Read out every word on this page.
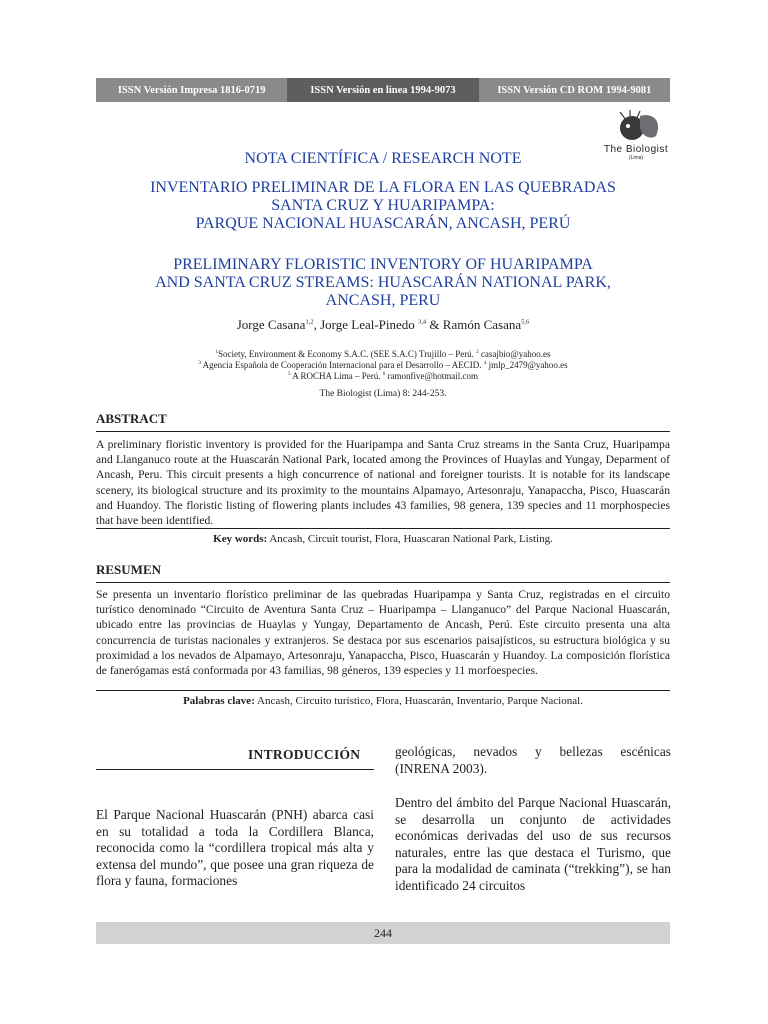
ISSN Versión Impresa 1816-0719	ISSN Versión en linea 1994-9073	ISSN Versión CD ROM 1994-9081
The Biologist
(Lima)
NOTA CIENTÍFICA / RESEARCH NOTE
INVENTARIO PRELIMINAR DE LA FLORA EN LAS QUEBRADAS
SANTA CRUZ Y HUARIPAMPA:
PARQUE NACIONAL HUASCARÁN, ANCASH, PERÚ
PRELIMINARY FLORISTIC INVENTORY OF HUARIPAMPA
AND SANTA CRUZ STREAMS: HUASCARÁN NATIONAL PARK,
ANCASH, PERU
Jorge Casana$^{1,2}$, Jorge Leal-Pinedo $^{3,4}$ & Ramón Casana$^{5,6}$
$^1$Society, Environment & Economy S.A.C. (SEE S.A.C) Trujillo – Perú. $^2$ casajbio@yahoo.es
$^3$ Agencia Española de Cooperación Internacional para el Desarrollo – AECID. $^4$ jmlp_2479@yahoo.es
$^5$ A ROCHA Lima – Perú. $^6$ ramonfive@hotmail.com
The Biologist (Lima) 8: 244-253.
ABSTRACT
A preliminary floristic inventory is provided for the Huaripampa and Santa Cruz streams in the Santa Cruz, Huaripampa and Llanganuco route at the Huascarán National Park, located among the Provinces of Huaylas and Yungay, Deparment of Ancash, Peru. This circuit presents a high concurrence of national and foreigner tourists. It is notable for its landscape scenery, its biological structure and its proximity to the mountains Alpamayo, Artesonraju, Yanapaccha, Pisco, Huascarán and Huandoy. The floristic listing of flowering plants includes 43 families, 98 genera, 139 species and 11 morphospecies that have been identified.
Key words: Ancash, Circuit tourist, Flora, Huascaran National Park, Listing.
RESUMEN
Se presenta un inventario florístico preliminar de las quebradas Huaripampa y Santa Cruz, registradas en el circuito turístico denominado “Circuito de Aventura Santa Cruz – Huaripampa – Llanganuco” del Parque Nacional Huascarán, ubicado entre las provincias de Huaylas y Yungay, Departamento de Ancash, Perú. Este circuito presenta una alta concurrencia de turistas nacionales y extranjeros. Se destaca por sus escenarios paisajísticos, su estructura biológica y su proximidad a los nevados de Alpamayo, Artesonraju, Yanapaccha, Pisco, Huascarán y Huandoy. La composición florística de fanerógamas está conformada por 43 familias, 98 géneros, 139 especies y 11 morfoespecies.
Palabras clave: Ancash, Circuito turístico, Flora, Huascarán, Inventario, Parque Nacional.
INTRODUCCIÓN
El Parque Nacional Huascarán (PNH) abarca casi en su totalidad a toda la Cordillera Blanca, reconocida como la “cordillera tropical más alta y extensa del mundo”, que posee una gran riqueza de flora y fauna, formaciones
geológicas, nevados y bellezas escénicas (INRENA 2003).
Dentro del ámbito del Parque Nacional Huascarán, se desarrolla un conjunto de actividades económicas derivadas del uso de sus recursos naturales, entre las que destaca el Turismo, que para la modalidad de caminata (“trekking”), se han identificado 24 circuitos
244
